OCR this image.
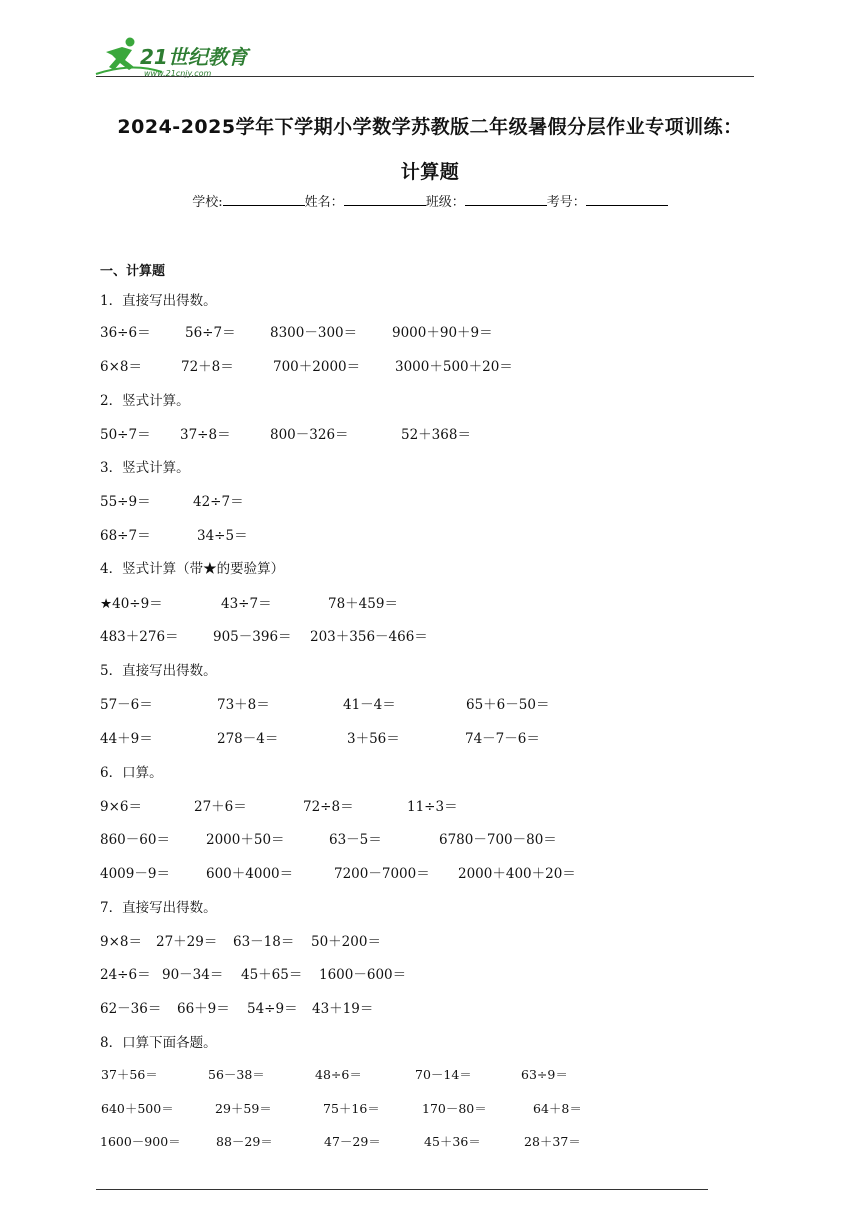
21世纪教育
www.21cnjy.com
2024-2025学年下学期小学数学苏教版二年级暑假分层作业专项训练：
计算题
学校:	姓名：	班级：	考号：
一、计算题
1．直接写出得数。
36÷6＝	56÷7＝	8300－300＝	9000＋90＋9＝
6×8＝	72＋8＝	700＋2000＝	3000＋500＋20＝
2．竖式计算。
50÷7＝ 37÷8＝	800－326＝	52＋368＝
3．竖式计算。
55÷9＝	42÷7＝
68÷7＝	34÷5＝
4．竖式计算（带★的要验算）
★40÷9＝	43÷7＝	78＋459＝
483＋276＝	905－396＝ 203＋356－466＝
5．直接写出得数。
57－6＝	73＋8＝	41－4＝	65＋6－50＝
44＋9＝	278－4＝	3＋56＝	74－7－6＝
6．口算。
9×6＝	27＋6＝	72÷8＝	11÷3＝
860－60＝	2000＋50＝	63－5＝	6780－700－80＝
4009－9＝	600＋4000＝	7200－7000＝ 2000＋400＋20＝
7．直接写出得数。
9×8＝ 27＋29＝ 63－18＝ 50＋200＝
24÷6＝ 90－34＝ 45＋65＝ 1600－600＝
62－36＝ 66＋9＝ 54÷9＝ 43＋19＝
8．口算下面各题。
37＋56＝	56－38＝	48÷6＝	70－14＝	63÷9＝
640＋500＝	29＋59＝	75＋16＝	170－80＝	64＋8＝
1600－900＝	88－29＝	47－29＝	45＋36＝	28＋37＝
